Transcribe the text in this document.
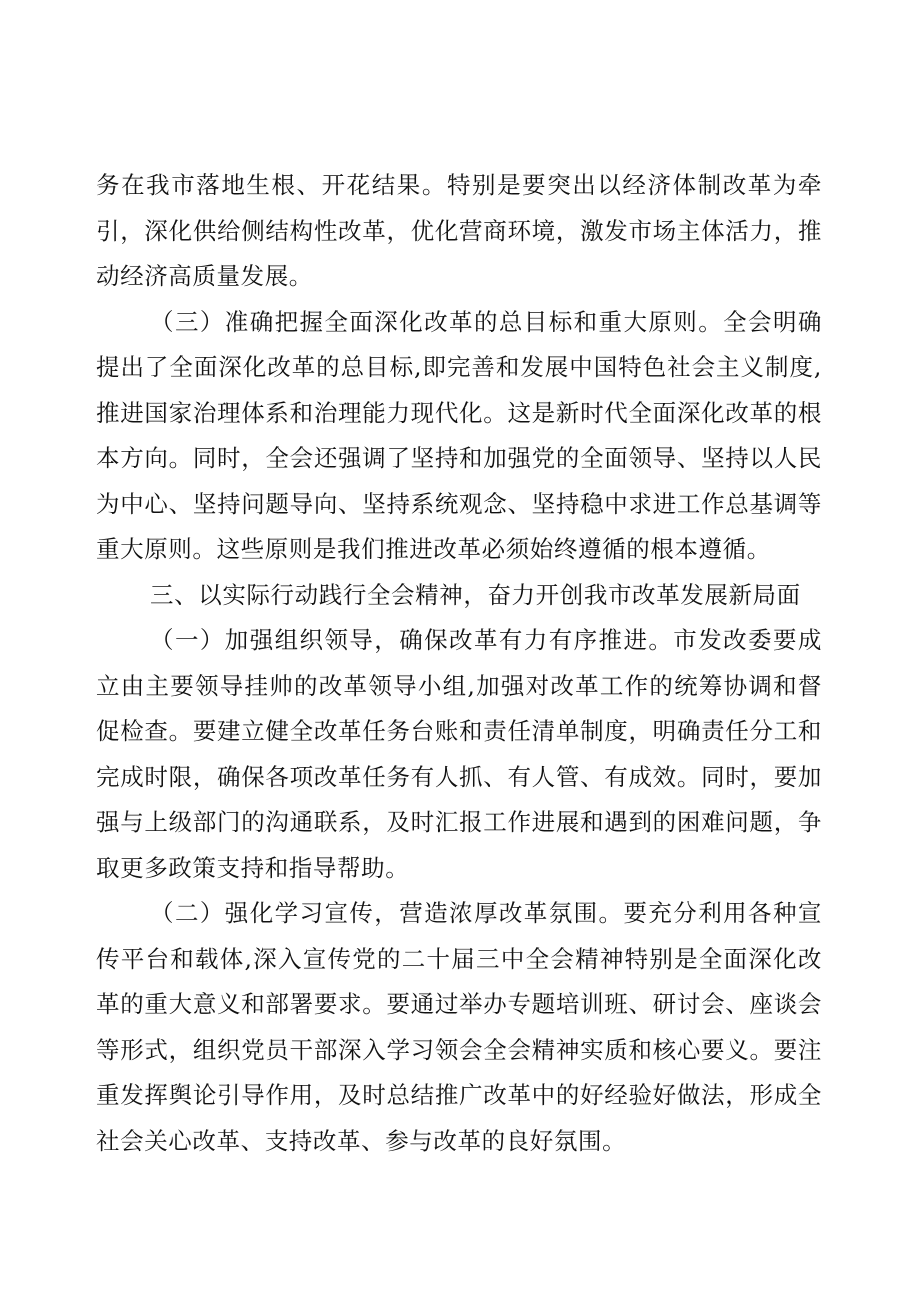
务在我市落地生根、开花结果。特别是要突出以经济体制改革为牵引，深化供给侧结构性改革，优化营商环境，激发市场主体活力，推动经济高质量发展。

（三）准确把握全面深化改革的总目标和重大原则。全会明确提出了全面深化改革的总目标,即完善和发展中国特色社会主义制度,推进国家治理体系和治理能力现代化。这是新时代全面深化改革的根本方向。同时，全会还强调了坚持和加强党的全面领导、坚持以人民为中心、坚持问题导向、坚持系统观念、坚持稳中求进工作总基调等重大原则。这些原则是我们推进改革必须始终遵循的根本遵循。

三、以实际行动践行全会精神，奋力开创我市改革发展新局面

（一）加强组织领导，确保改革有力有序推进。市发改委要成立由主要领导挂帅的改革领导小组,加强对改革工作的统筹协调和督促检查。要建立健全改革任务台账和责任清单制度，明确责任分工和完成时限，确保各项改革任务有人抓、有人管、有成效。同时，要加强与上级部门的沟通联系，及时汇报工作进展和遇到的困难问题，争取更多政策支持和指导帮助。

（二）强化学习宣传，营造浓厚改革氛围。要充分利用各种宣传平台和载体,深入宣传党的二十届三中全会精神特别是全面深化改革的重大意义和部署要求。要通过举办专题培训班、研讨会、座谈会等形式，组织党员干部深入学习领会全会精神实质和核心要义。要注重发挥舆论引导作用，及时总结推广改革中的好经验好做法，形成全社会关心改革、支持改革、参与改革的良好氛围。
